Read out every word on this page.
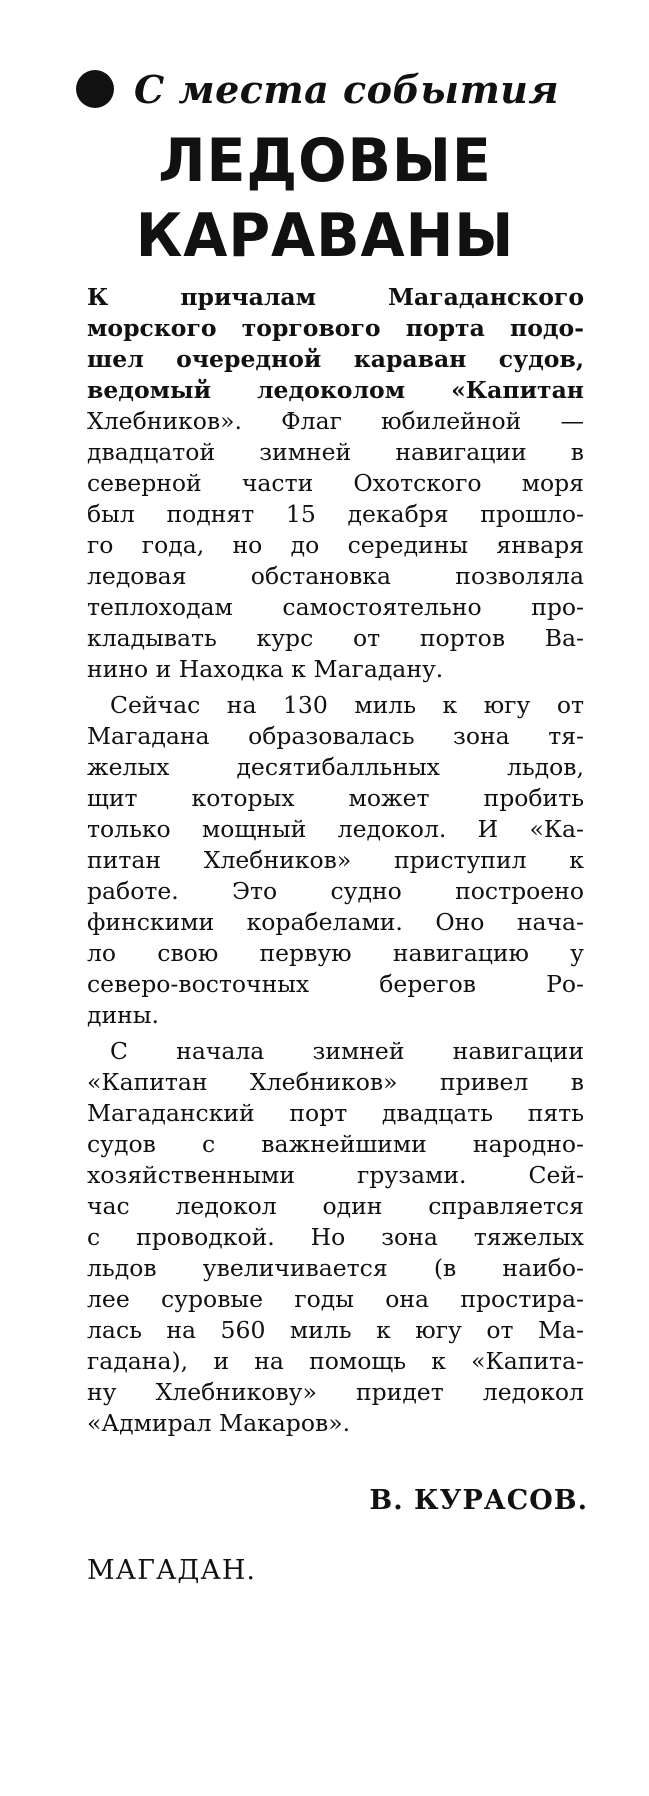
С места события
ЛЕДОВЫЕ
КАРАВАНЫ
К причалам Магаданского
морского торгового порта подо-
шел очередной караван судов,
ведомый ледоколом «Капитан
Хлебников». Флаг юбилейной —
двадцатой зимней навигации в
северной части Охотского моря
был поднят 15 декабря прошло-
го года, но до середины января
ледовая обстановка позволяла
теплоходам самостоятельно про-
кладывать курс от портов Ва-
нино и Находка к Магадану.
Сейчас на 130 миль к югу от
Магадана образовалась зона тя-
желых десятибалльных льдов,
щит которых может пробить
только мощный ледокол. И «Ка-
питан Хлебников» приступил к
работе. Это судно построено
финскими корабелами. Оно нача-
ло свою первую навигацию у
северо-восточных берегов Ро-
дины.
С начала зимней навигации
«Капитан Хлебников» привел в
Магаданский порт двадцать пять
судов с важнейшими народно-
хозяйственными грузами. Сей-
час ледокол один справляется
с проводкой. Но зона тяжелых
льдов увеличивается (в наибо-
лее суровые годы она простира-
лась на 560 миль к югу от Ма-
гадана), и на помощь к «Капита-
ну Хлебникову» придет ледокол
«Адмирал Макаров».
В. КУРАСОВ.
МАГАДАН.
